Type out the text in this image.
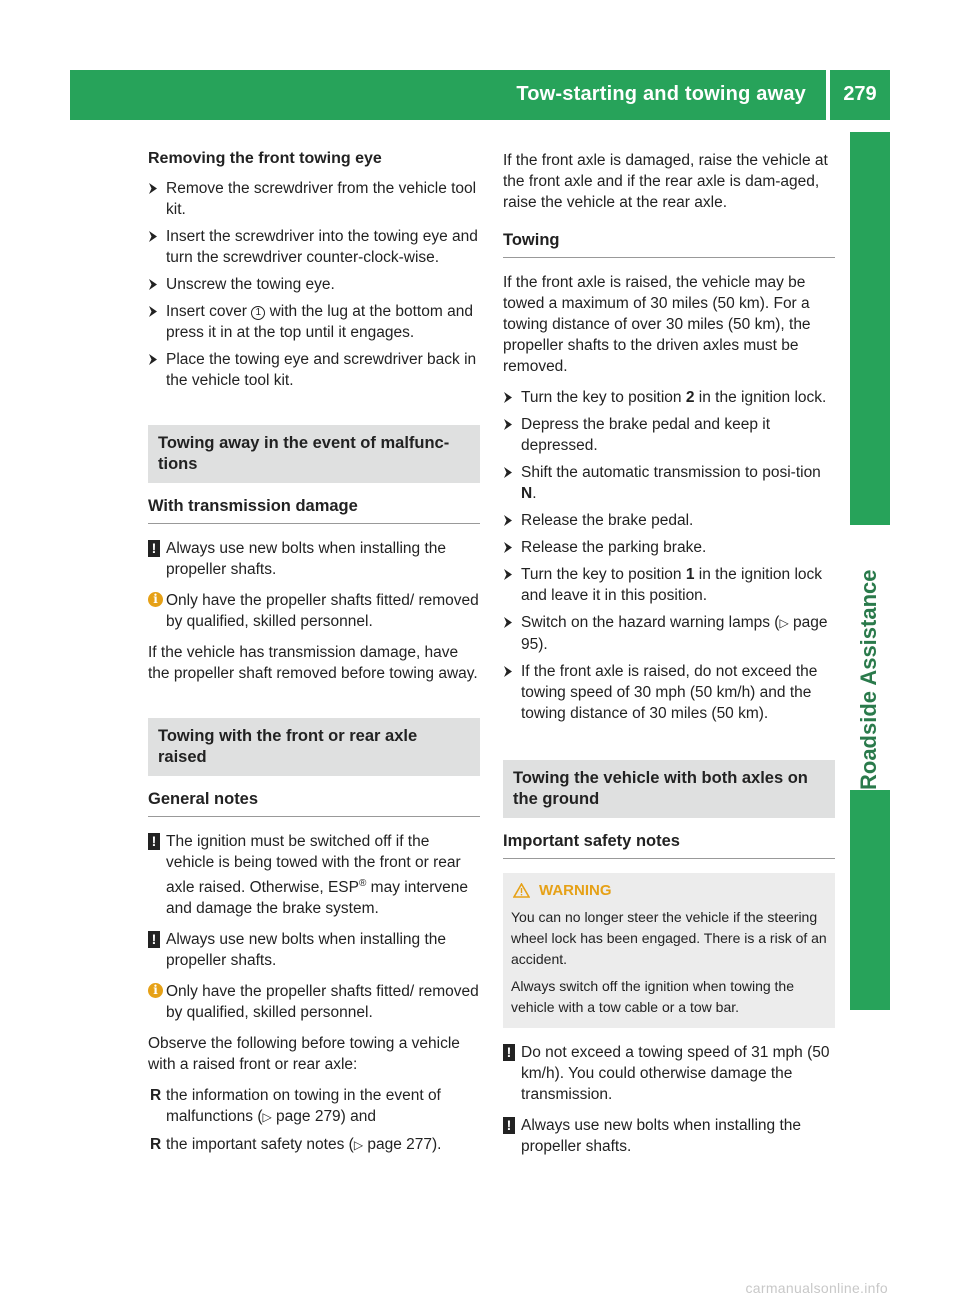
Tow-starting and towing away	279
Roadside Assistance
Removing the front towing eye
Remove the screwdriver from the vehicle tool kit.
Insert the screwdriver into the towing eye and turn the screwdriver counter-clock-wise.
Unscrew the towing eye.
Insert cover 1 with the lug at the bottom and press it in at the top until it engages.
Place the towing eye and screwdriver back in the vehicle tool kit.
Towing away in the event of malfunc-tions
With transmission damage
! Always use new bolts when installing the propeller shafts.
i Only have the propeller shafts fitted/ removed by qualified, skilled personnel.

If the vehicle has transmission damage, have the propeller shaft removed before towing away.

Towing with the front or rear axle raised
General notes
! The ignition must be switched off if the vehicle is being towed with the front or rear axle raised. Otherwise, ESP® may intervene and damage the brake system.
! Always use new bolts when installing the propeller shafts.
i Only have the propeller shafts fitted/ removed by qualified, skilled personnel.

Observe the following before towing a vehicle with a raised front or rear axle:

R the information on towing in the event of malfunctions (▷ page 279) and
R the important safety notes (▷ page 277).

If the front axle is damaged, raise the vehicle at the front axle and if the rear axle is dam-aged, raise the vehicle at the rear axle.

Towing

If the front axle is raised, the vehicle may be towed a maximum of 30 miles (50 km). For a towing distance of over 30 miles (50 km), the propeller shafts to the driven axles must be removed.

Turn the key to position 2 in the ignition lock.
Depress the brake pedal and keep it depressed.
Shift the automatic transmission to posi-tion N.
Release the brake pedal.
Release the parking brake.
Turn the key to position 1 in the ignition lock and leave it in this position.
Switch on the hazard warning lamps (▷ page 95).
If the front axle is raised, do not exceed the towing speed of 30 mph (50 km/h) and the towing distance of 30 miles (50 km).
Towing the vehicle with both axles on the ground
Important safety notes
WARNING

You can no longer steer the vehicle if the steering wheel lock has been engaged. There is a risk of an accident.

Always switch off the ignition when towing the vehicle with a tow cable or a tow bar.

! Do not exceed a towing speed of 31 mph (50 km/h). You could otherwise damage the transmission.
! Always use new bolts when installing the propeller shafts.
carmanualsonline.info
